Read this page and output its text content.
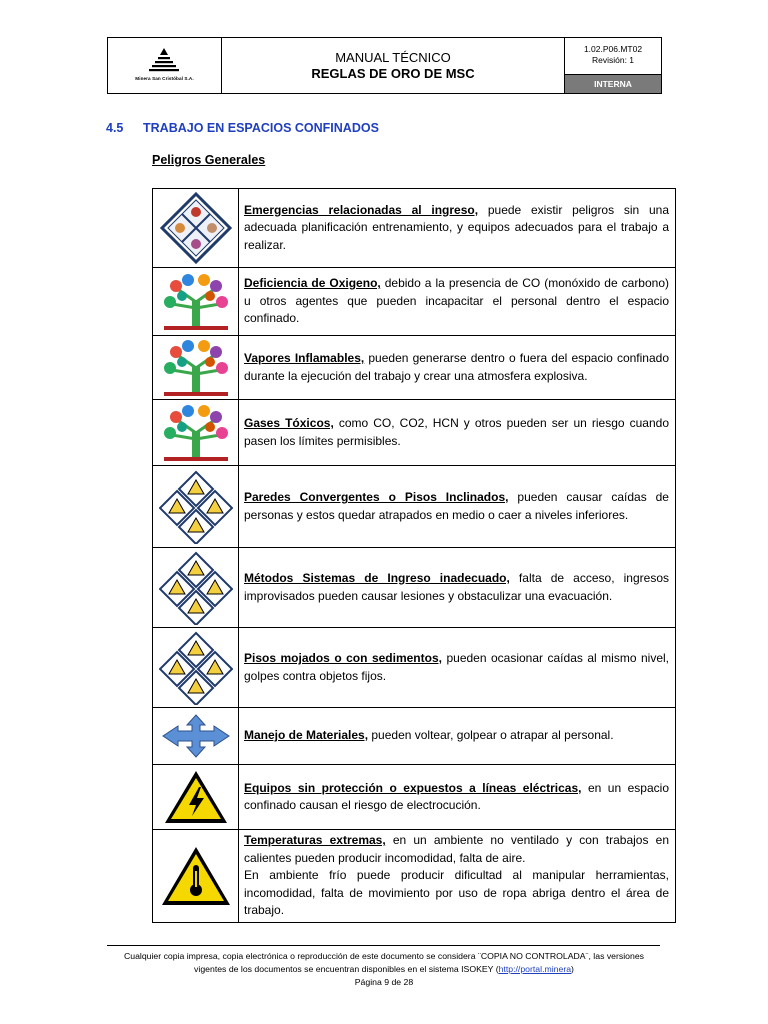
Minera San Cristóbal S.A.
MANUAL TÉCNICO
REGLAS DE ORO DE MSC
1.02.P06.MT02
Revisión: 1
INTERNA
4.5 TRABAJO EN ESPACIOS CONFINADOS
Peligros Generales
	Emergencias relacionadas al ingreso, puede existir peligros sin una adecuada planificación entrenamiento, y equipos adecuados para el trabajo a realizar.

	Deficiencia de Oxigeno, debido a la presencia de CO (monóxido de carbono) u otros agentes que pueden incapacitar el personal dentro el espacio confinado.

	Vapores Inflamables, pueden generarse dentro o fuera del espacio confinado durante la ejecución del trabajo y crear una atmosfera explosiva.

	Gases Tóxicos, como CO, CO2, HCN y otros pueden ser un riesgo cuando pasen los límites permisibles.

	Paredes Convergentes o Pisos Inclinados, pueden causar caídas de personas y estos quedar atrapados en medio o caer a niveles inferiores.

	Métodos Sistemas de Ingreso inadecuado, falta de acceso, ingresos improvisados pueden causar lesiones y obstaculizar una evacuación.

	Pisos mojados o con sedimentos, pueden ocasionar caídas al mismo nivel, golpes contra objetos fijos.

	Manejo de Materiales, pueden voltear, golpear o atrapar al personal.

	Equipos sin protección o expuestos a líneas eléctricas, en un espacio confinado causan el riesgo de electrocución.

	Temperaturas extremas, en un ambiente no ventilado y con trabajos en calientes pueden producir incomodidad, falta de aire.
En ambiente frío puede producir dificultad al manipular herramientas, incomodidad, falta de movimiento por uso de ropa abriga dentro el área de trabajo.
Cualquier copia impresa, copia electrónica o reproducción de este documento se considera ¨COPIA NO CONTROLADA¨, las versiones
vigentes de los documentos se encuentran disponibles en el sistema ISOKEY (http://portal.minera)
Página 9 de 28
